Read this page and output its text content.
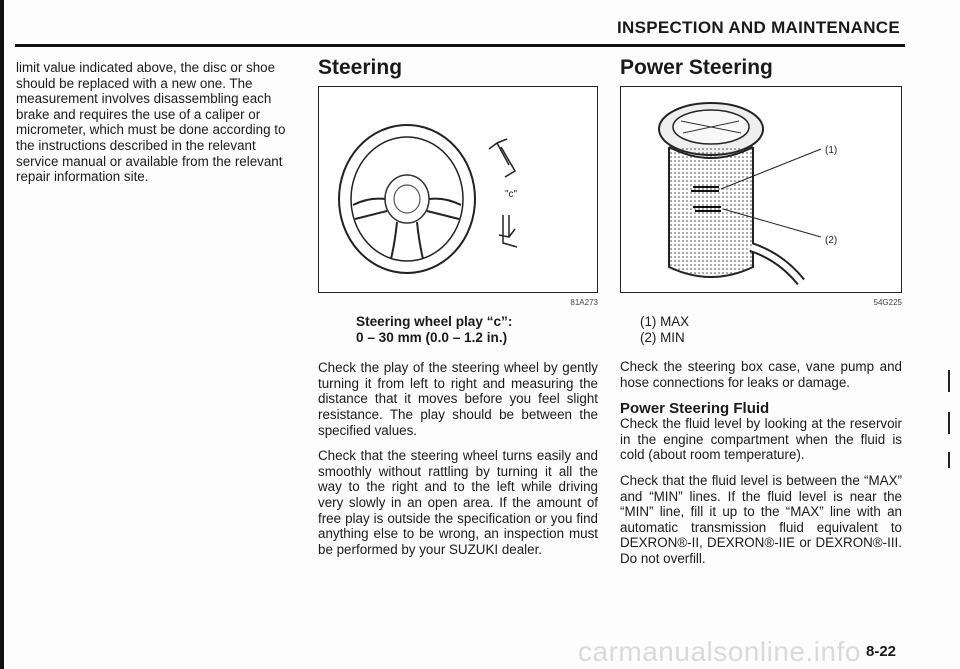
INSPECTION AND MAINTENANCE

limit value indicated above, the disc or shoe should be replaced with a new one. The measurement involves disassembling each brake and requires the use of a caliper or micrometer, which must be done according to the instructions described in the relevant service manual or available from the relevant repair information site.

Steering
"c"
81A273

Steering wheel play “c”:
0 – 30 mm (0.0 – 1.2 in.)

Check the play of the steering wheel by gently turning it from left to right and measuring the distance that it moves before you feel slight resistance. The play should be between the specified values.

Check that the steering wheel turns easily and smoothly without rattling by turning it all the way to the right and to the left while driving very slowly in an open area. If the amount of free play is outside the specification or you find anything else to be wrong, an inspection must be performed by your SUZUKI dealer.

Power Steering
(1)
(2)
54G225

(1) MAX
(2) MIN

Check the steering box case, vane pump and hose connections for leaks or damage.

Power Steering Fluid

Check the fluid level by looking at the reservoir in the engine compartment when the fluid is cold (about room temperature).

Check that the fluid level is between the “MAX” and “MIN” lines. If the fluid level is near the “MIN” line, fill it up to the “MAX” line with an automatic transmission fluid equivalent to DEXRON®-II, DEXRON®-IIE or DEXRON®-III. Do not overfill.

carmanualsonline.info 8-22
